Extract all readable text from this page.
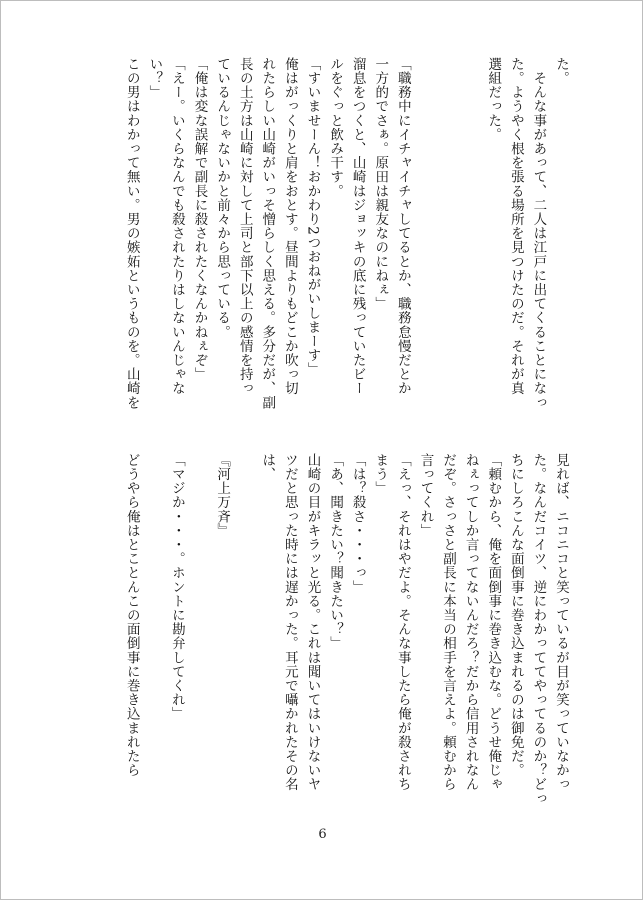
た。
　そんな事があって、二人は江戸に出てくることになっ
た。ようやく根を張る場所を見つけたのだ。それが真
選組だった。
「職務中にイチャイチャしてるとか、職務怠慢だとか
一方的でさぁ。原田は親友なのにねぇ」
溜息をつくと、山崎はジョッキの底に残っていたビー
ルをぐっと飲み干す。
「すいませーん！おかわり2つおねがいしまーす」
俺はがっくりと肩をおとす。昼間よりもどこか吹っ切
れたらしい山崎がいっそ憎らしく思える。多分だが、副
長の土方は山崎に対して上司と部下以上の感情を持っ
ているんじゃないかと前々から思っている。
「俺は変な誤解で副長に殺されたくなんかねぇぞ」
「えー。いくらなんでも殺されたりはしないんじゃな
い？」
この男はわかって無い。男の嫉妬というものを。山崎を
見れば、ニコニコと笑っているが目が笑っていなかっ
た。なんだコイツ、逆にわかっててやってるのか？どっ
ちにしろこんな面倒事に巻き込まれるのは御免だ。
「頼むから、俺を面倒事に巻き込むな。どうせ俺じゃ
ねぇってしか言ってないんだろ？だから信用されなん
だぞ。さっさと副長に本当の相手を言えよ。頼むから
言ってくれ」
「えっ、それはやだよ。そんな事したら俺が殺されち
まう」
「は？殺さ・・・っ」
「あ、聞きたい？聞きたい？」
山崎の目がキラッと光る。これは聞いてはいけないヤ
ツだと思った時には遅かった。耳元で囁かれたその名
は、
『河上万斉』
「マジか・・・。ホントに勘弁してくれ」
どうやら俺はとことんこの面倒事に巻き込まれたら
6
